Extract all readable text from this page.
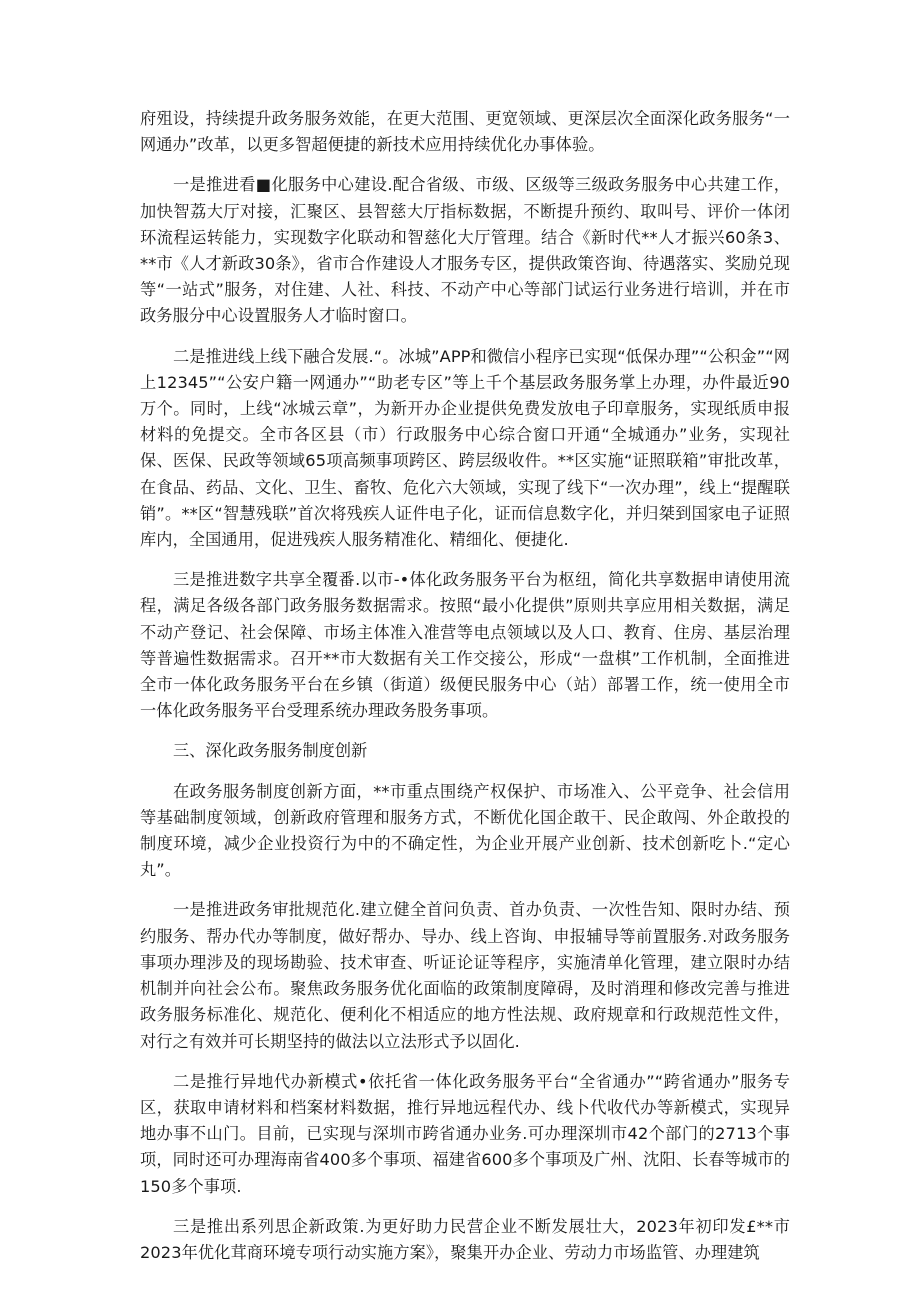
府殂设，持续提升政务服务效能，在更大范围、更宽领域、更深层次全面深化政务服务“一网通办”改革，以更多智超便捷的新技术应用持续优化办事体验。

一是推进看■化服务中心建设.配合省级、市级、区级等三级政务服务中心共建工作，加快智荔大厅对接，汇聚区、县智慈大厅指标数据，不断提升预约、取叫号、评价一体闭环流程运转能力，实现数字化联动和智慈化大厅管理。结合《新时代**人才振兴60条3、**市《人才新政30条》，省市合作建设人才服务专区，提供政策咨询、待遇落实、奖励兑现等“一站式”服务，对住建、人社、科技、不动产中心等部门试运行业务进行培训，并在市政务服分中心设置服务人才临时窗口。

二是推进线上线下融合发展.“。冰城”APP和微信小程序已实现“低保办理”“公积金”“网上12345”“公安户籍一网通办”“助老专区”等上千个基层政务服务掌上办理，办件最近90万个。同时，上线“冰城云章”，为新开办企业提供免费发放电子印章服务，实现纸质申报材料的免提交。全市各区县（市）行政服务中心综合窗口开通“全城通办”业务，实现社保、医保、民政等领域65项高频事项跨区、跨层级收件。**区实施“证照联箱”审批改革，在食品、药品、文化、卫生、畜牧、危化六大领域，实现了线下“一次办理”，线上“提醒联销”。**区“智慧残联”首次将残疾人证件电子化，证而信息数字化，并归桀到国家电子证照库内，全国通用，促进残疾人服务精准化、精细化、便捷化.

三是推进数字共享全覆番.以市-•体化政务服务平台为枢纽，简化共享数据申请使用流程，满足各级各部门政务服务数据需求。按照“最小化提供”原则共享应用相关数据，满足不动产登记、社会保障、市场主体准入准营等电点领域以及人口、教育、住房、基层治理等普遍性数据需求。召开**市大数据有关工作交接公，形成“一盘棋”工作机制，全面推进全市一体化政务服务平台在乡镇（街道）级便民服务中心（站）部署工作，统一使用全市一体化政务服务平台受理系统办理政务股务事项。

三、深化政务服务制度创新

在政务服务制度创新方面，**市重点围绕产权保护、市场准入、公平竞争、社会信用等基础制度领域，创新政府管理和服务方式，不断优化国企敢干、民企敢闯、外企敢投的制度环境，减少企业投资行为中的不确定性，为企业开展产业创新、技术创新吃卜.“定心丸”。

一是推进政务审批规范化.建立健全首问负责、首办负责、一次性告知、限时办结、预约服务、帮办代办等制度，做好帮办、导办、线上咨询、申报辅导等前置服务.对政务服务事项办理涉及的现场勘验、技术审查、听证论证等程序，实施清单化管理，建立限时办结机制并向社会公布。聚焦政务服务优化面临的政策制度障碍，及时消理和修改完善与推进政务服务标准化、规范化、便利化不相适应的地方性法规、政府规章和行政规范性文件，对行之有效并可长期坚持的做法以立法形式予以固化.

二是推行异地代办新模式•依托省一体化政务服务平台“全省通办”“跨省通办”服务专区，获取申请材料和档案材料数据，推行异地远程代办、线卜代收代办等新模式，实现异地办事不山门。目前，已实现与深圳市跨省通办业务.可办理深圳市42个部门的2713个事项，同时还可办理海南省400多个事项、福建省600多个事项及广州、沈阳、长春等城市的150多个事项.

三是推出系列思企新政策.为更好助力民营企业不断发展壮大，2023年初印发£**市2023年优化茸商环境专项行动实施方案》，聚集开办企业、劳动力市场监管、办理建筑
